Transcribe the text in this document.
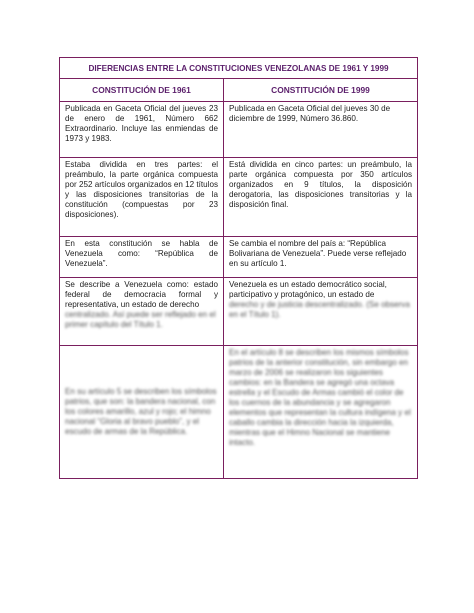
DIFERENCIAS ENTRE LA CONSTITUCIONES VENEZOLANAS DE 1961 Y 1999
CONSTITUCIÓN DE 1961	CONSTITUCIÓN DE 1999
Publicada en Gaceta Oficial del jueves 23 de enero de 1961, Número 662 Extraordinario. Incluye las enmiendas de 1973 y 1983.
Publicada en Gaceta Oficial del jueves 30 de diciembre de 1999, Número 36.860.
Estaba dividida en tres partes: el preámbulo, la parte orgánica compuesta por 252 artículos organizados en 12 títulos y las disposiciones transitorias de la constitución (compuestas por 23 disposiciones).
Está dividida en cinco partes: un preámbulo, la parte orgánica compuesta por 350 artículos organizados en 9 títulos, la disposición derogatoria, las disposiciones transitorias y la disposición final.
En esta constitución se habla de Venezuela como: “República de Venezuela”.
Se cambia el nombre del país a: “República Bolivariana de Venezuela”. Puede verse reflejado en su artículo 1.
Se describe a Venezuela como: estado federal de democracia formal y representativa, un estado de derecho
centralizado. Así puede ser reflejado en el primer capítulo del Título 1.
Venezuela es un estado democrático social, participativo y protagónico, un estado de
derecho y de justicia descentralizado. (Se observa en el Título 1).
En su artículo 5 se describen los símbolos patrios, que son: la bandera nacional, con los colores amarillo, azul y rojo; el himno nacional “Gloria al bravo pueblo”, y el escudo de armas de la República.
En el artículo 8 se describen los mismos símbolos patrios de la anterior constitución, sin embargo en marzo de 2006 se realizaron los siguientes cambios: en la Bandera se agregó una octava estrella y el Escudo de Armas cambió el color de los cuernos de la abundancia y se agregaron elementos que representan la cultura indígena y el caballo cambia la dirección hacia la izquierda, mientras que el Himno Nacional se mantiene intacto.
